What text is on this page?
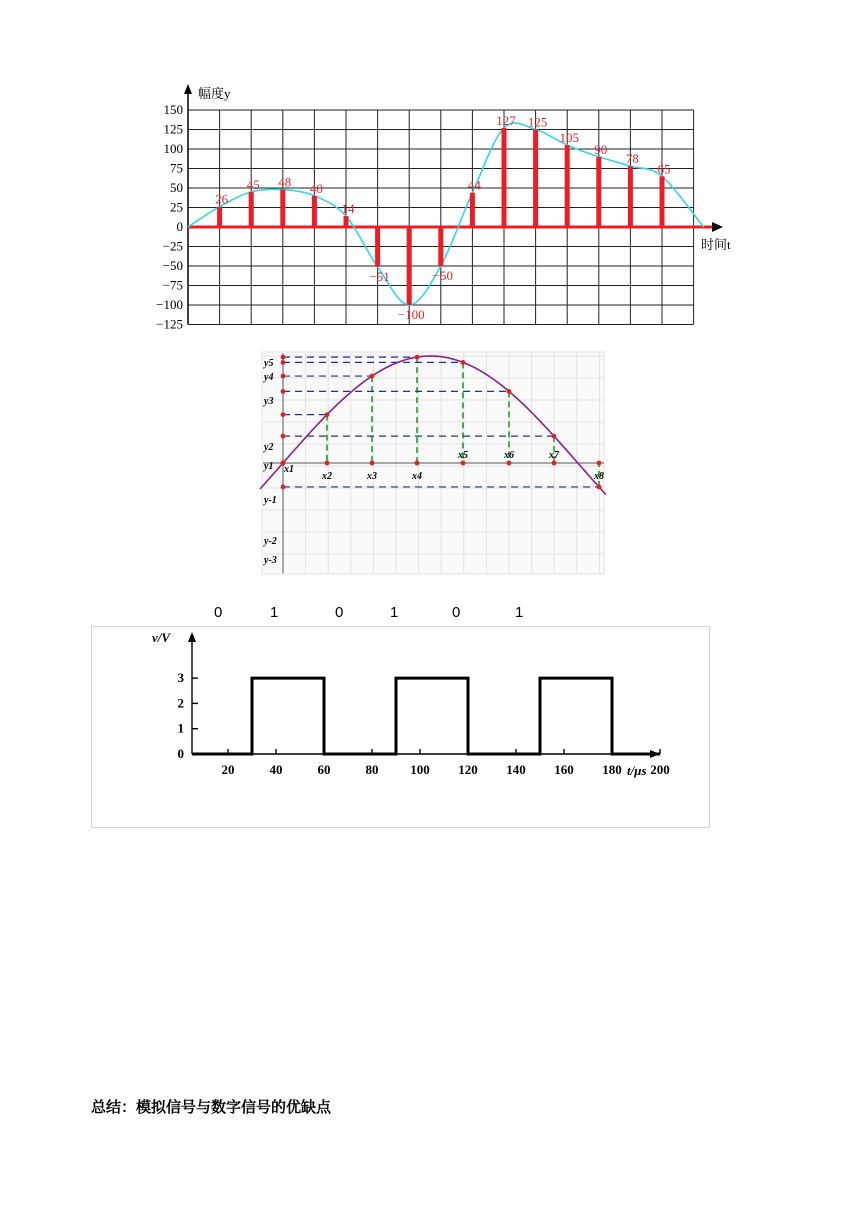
26
45 48 40
14
−51
−100
−50
44
127 125
105
90
78
65
150
125
100
75
50
25
0
−25
−50
−75
−100
−125
幅度y
时间t
x1
x2	x3	x4
x5	x6	x7
x8
y5
y4
y3
y2
y1
y-1
y-2
y-3
0	1	0	1	0	1
0
1
2
3
20	40	60	80 100 120 140 160 180 200
v/V
t/μs
总结：模拟信号与数字信号的优缺点
